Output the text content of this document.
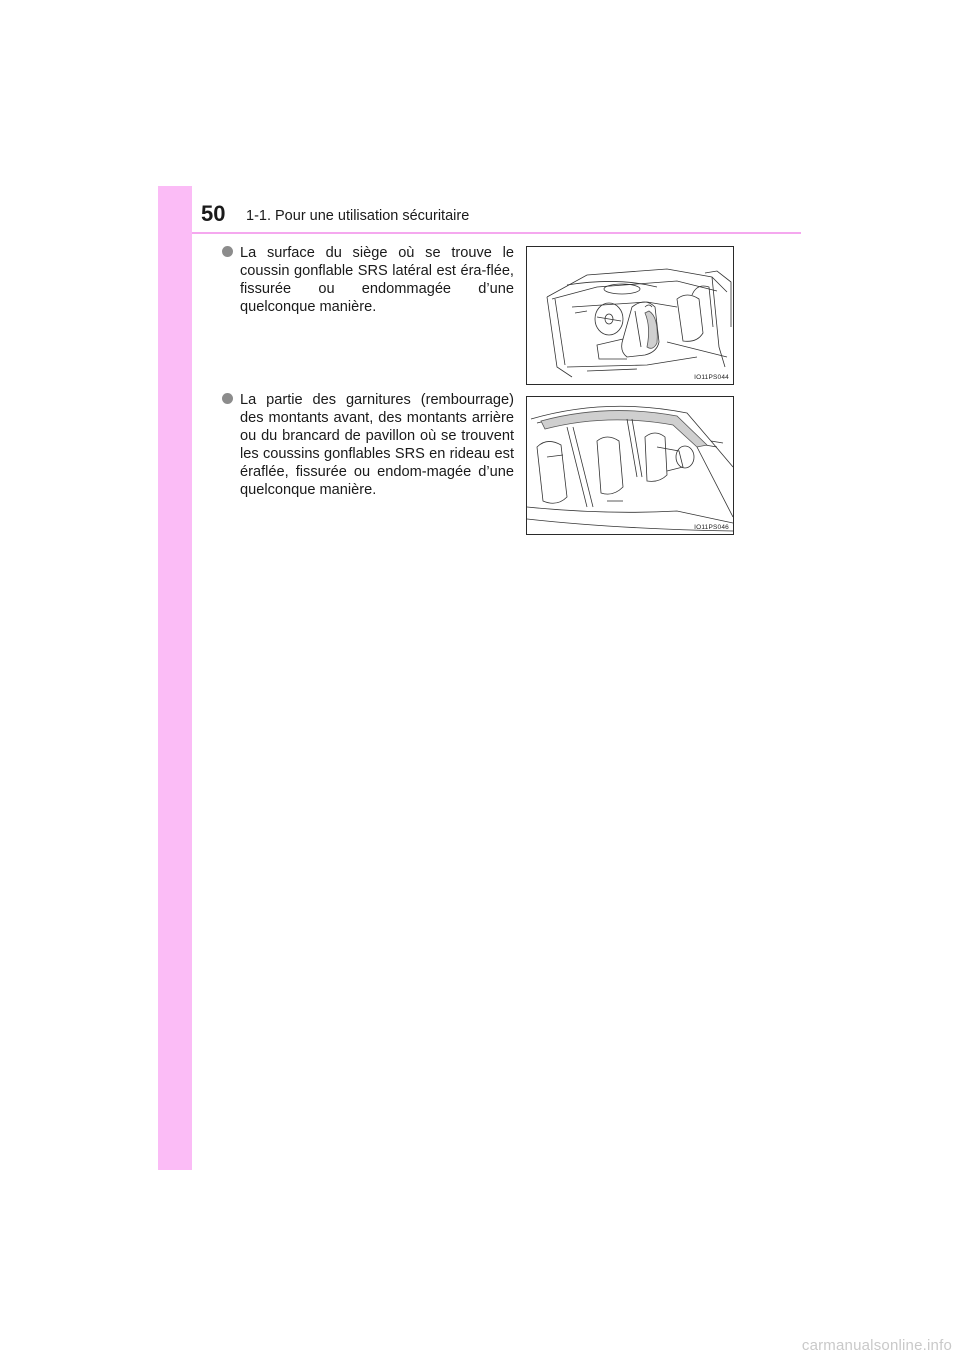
50 1-1. Pour une utilisation sécuritaire
La surface du siège où se trouve le coussin gonflable SRS latéral est éra-flée, fissurée ou endommagée d’une quelconque manière.
IO11PS044
La partie des garnitures (rembourrage) des montants avant, des montants arrière ou du brancard de pavillon où se trouvent les coussins gonflables SRS en rideau est éraflée, fissurée ou endom-magée d’une quelconque manière.
IO11PS046
carmanualsonline.info
